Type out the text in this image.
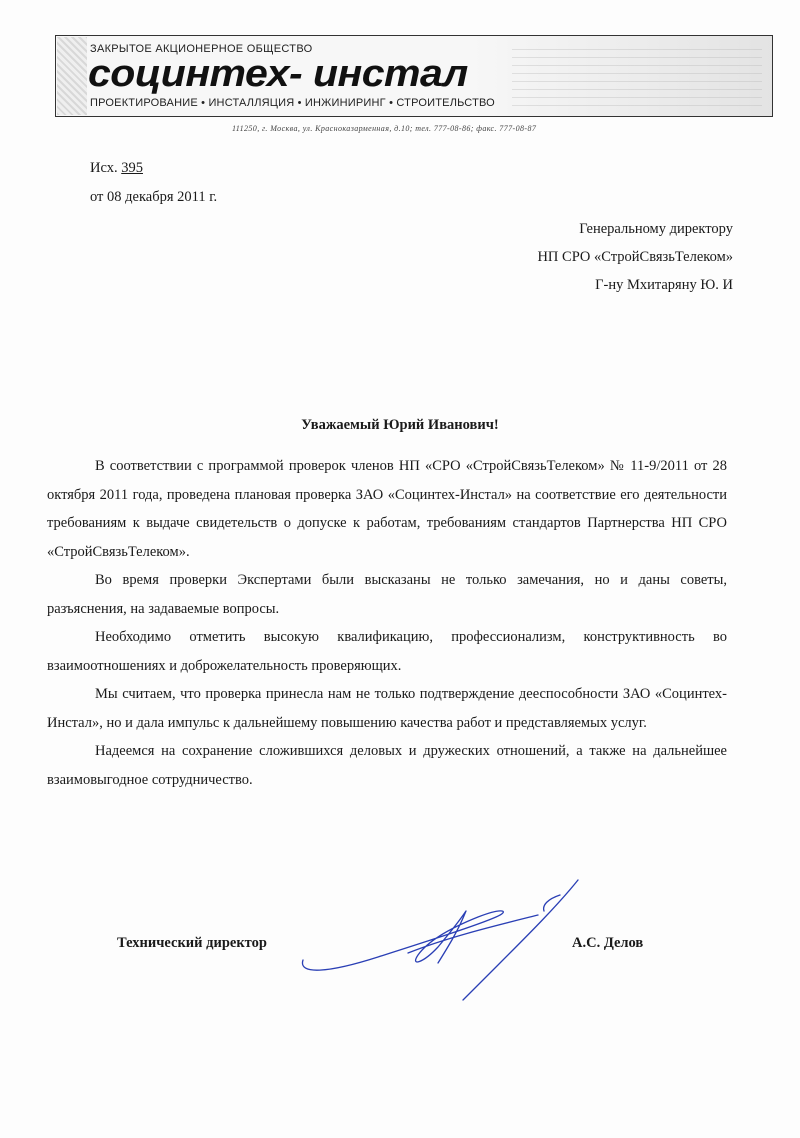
ЗАКРЫТОЕ АКЦИОНЕРНОЕ ОБЩЕСТВО
социнтех- инстал
ПРОЕКТИРОВАНИЕ • ИНСТАЛЛЯЦИЯ • ИНЖИНИРИНГ • СТРОИТЕЛЬСТВО
111250, г. Москва, ул. Красноказарменная, д.10; тел. 777-08-86; факс. 777-08-87
Исх. 395
от 08 декабря 2011 г.
Генеральному директору
НП СРО «СтройСвязьТелеком»
Г-ну Мхитаряну Ю. И
Уважаемый Юрий Иванович!

В соответствии с программой проверок членов НП «СРО «СтройСвязьТелеком» № 11-9/2011 от 28 октября 2011 года, проведена плановая проверка ЗАО «Социнтех-Инстал» на соответствие его деятельности требованиям к выдаче свидетельств о допуске к работам, требованиям стандартов Партнерства НП СРО «СтройСвязьТелеком».

Во время проверки Экспертами были высказаны не только замечания, но и даны советы, разъяснения, на задаваемые вопросы.

Необходимо отметить высокую квалификацию, профессионализм, конструктивность во взаимоотношениях и доброжелательность проверяющих.

Мы считаем, что проверка принесла нам не только подтверждение дееспособности ЗАО «Социнтех-Инстал», но и дала импульс к дальнейшему повышению качества работ и представляемых услуг.

Надеемся на сохранение сложившихся деловых и дружеских отношений, а также на дальнейшее взаимовыгодное сотрудничество.

Технический директор	А.С. Делов
